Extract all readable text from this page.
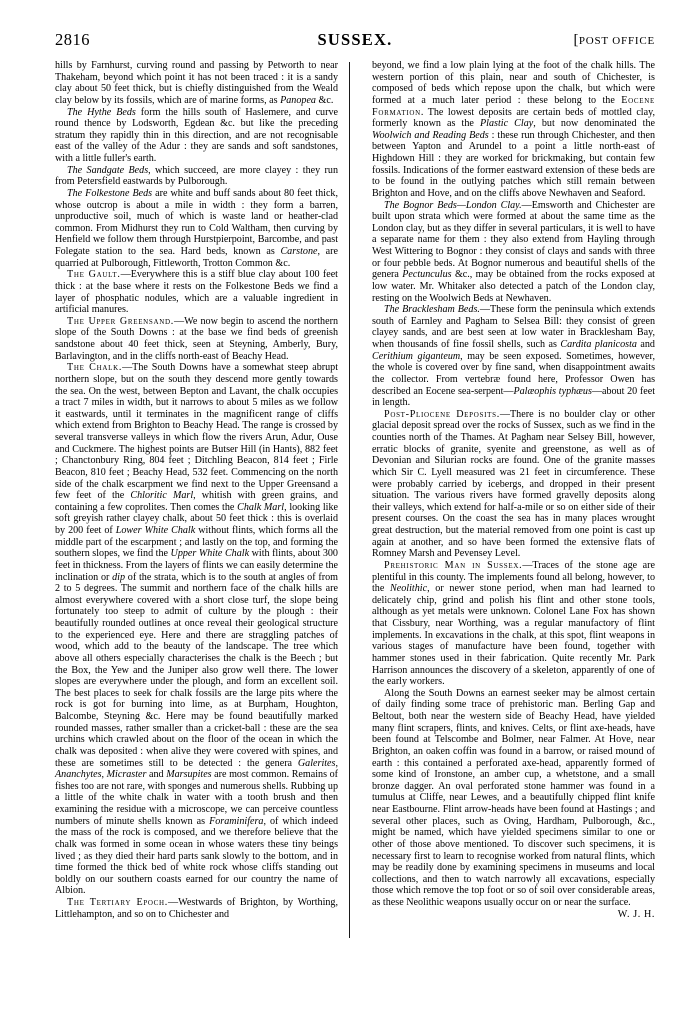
2816	SUSSEX.	[POST OFFICE

hills by Farnhurst, curving round and passing by Petworth to near Thakeham, beyond which point it has not been traced : it is a sandy clay about 50 feet thick, but is chiefly distinguished from the Weald clay below by its fossils, which are of marine forms, as Panopea &c.

The Hythe Beds form the hills south of Haslemere, and curve round thence by Lodsworth, Egdean &c. but like the preceding stratum they rapidly thin in this direction, and are not recognisable east of the valley of the Adur : they are sands and soft sandstones, with a little fuller's earth.

The Sandgate Beds, which succeed, are more clayey : they run from Petersfield eastwards by Pulborough.

The Folkestone Beds are white and buff sands about 80 feet thick, whose outcrop is about a mile in width : they form a barren, unproductive soil, much of which is waste land or heather-clad common. From Midhurst they run to Cold Waltham, then curving by Henfield we follow them through Hurstpierpoint, Barcombe, and past Folegate station to the sea. Hard beds, known as Carstone, are quarried at Pulborough, Fittleworth, Trotton Common &c.

The Gault.—Everywhere this is a stiff blue clay about 100 feet thick : at the base where it rests on the Folkestone Beds we find a layer of phosphatic nodules, which are a valuable ingredient in artificial manures.

The Upper Greensand.—We now begin to ascend the northern slope of the South Downs : at the base we find beds of greenish sandstone about 40 feet thick, seen at Steyning, Amberly, Bury, Barlavington, and in the cliffs north-east of Beachy Head.

The Chalk.—The South Downs have a somewhat steep abrupt northern slope, but on the south they descend more gently towards the sea. On the west, between Bepton and Lavant, the chalk occupies a tract 7 miles in width, but it narrows to about 5 miles as we follow it eastwards, until it terminates in the magnificent range of cliffs which extend from Brighton to Beachy Head. The range is crossed by several transverse valleys in which flow the rivers Arun, Adur, Ouse and Cuckmere. The highest points are Butser Hill (in Hants), 882 feet ; Chanctonbury Ring, 804 feet ; Ditchling Beacon, 814 feet ; Firle Beacon, 810 feet ; Beachy Head, 532 feet. Commencing on the north side of the chalk escarpment we find next to the Upper Greensand a few feet of the Chloritic Marl, whitish with green grains, and containing a few coprolites. Then comes the Chalk Marl, looking like soft greyish rather clayey chalk, about 50 feet thick : this is overlaid by 200 feet of Lower White Chalk without flints, which forms all the middle part of the escarpment ; and lastly on the top, and forming the southern slopes, we find the Upper White Chalk with flints, about 300 feet in thickness. From the layers of flints we can easily determine the inclination or dip of the strata, which is to the south at angles of from 2 to 5 degrees. The summit and northern face of the chalk hills are almost everywhere covered with a short close turf, the slope being fortunately too steep to admit of culture by the plough : their beautifully rounded outlines at once reveal their geological structure to the experienced eye. Here and there are straggling patches of wood, which add to the beauty of the landscape. The tree which above all others especially characterises the chalk is the Beech ; but the Box, the Yew and the Juniper also grow well there. The lower slopes are everywhere under the plough, and form an excellent soil. The best places to seek for chalk fossils are the large pits where the rock is got for burning into lime, as at Burpham, Houghton, Balcombe, Steyning &c. Here may be found beautifully marked rounded masses, rather smaller than a cricket-ball : these are the sea urchins which crawled about on the floor of the ocean in which the chalk was deposited : when alive they were covered with spines, and these are sometimes still to be detected : the genera Galerites, Ananchytes, Micraster and Marsupites are most common. Remains of fishes too are not rare, with sponges and numerous shells. Rubbing up a little of the white chalk in water with a tooth brush and then examining the residue with a microscope, we can perceive countless numbers of minute shells known as Foraminifera, of which indeed the mass of the rock is composed, and we therefore believe that the chalk was formed in some ocean in whose waters these tiny beings lived ; as they died their hard parts sank slowly to the bottom, and in time formed the thick bed of white rock whose cliffs standing out boldly on our southern coasts earned for our country the name of Albion.

The Tertiary Epoch.—Westwards of Brighton, by Worthing, Littlehampton, and so on to Chichester and

beyond, we find a low plain lying at the foot of the chalk hills. The western portion of this plain, near and south of Chichester, is composed of beds which repose upon the chalk, but which were formed at a much later period : these belong to the Eocene Formation. The lowest deposits are certain beds of mottled clay, formerly known as the Plastic Clay, but now denominated the Woolwich and Reading Beds : these run through Chichester, and then between Yapton and Arundel to a point a little north-east of Highdown Hill : they are worked for brickmaking, but contain few fossils. Indications of the former eastward extension of these beds are to be found in the outlying patches which still remain between Brighton and Hove, and on the cliffs above Newhaven and Seaford.

The Bognor Beds—London Clay.—Emsworth and Chichester are built upon strata which were formed at about the same time as the London clay, but as they differ in several particulars, it is well to have a separate name for them : they also extend from Hayling through West Wittering to Bognor : they consist of clays and sands with three or four pebble beds. At Bognor numerous and beautiful shells of the genera Pectunculus &c., may be obtained from the rocks exposed at low water. Mr. Whitaker also detected a patch of the London clay, resting on the Woolwich Beds at Newhaven.

The Bracklesham Beds.—These form the peninsula which extends south of Earnley and Pagham to Selsea Bill: they consist of green clayey sands, and are best seen at low water in Bracklesham Bay, when thousands of fine fossil shells, such as Cardita planicosta and Cerithium giganteum, may be seen exposed. Sometimes, however, the whole is covered over by fine sand, when disappointment awaits the collector. From vertebræ found here, Professor Owen has described an Eocene sea-serpent—Palæophis typhæus—about 20 feet in length.

Post-Pliocene Deposits.—There is no boulder clay or other glacial deposit spread over the rocks of Sussex, such as we find in the counties north of the Thames. At Pagham near Selsey Bill, however, erratic blocks of granite, syenite and greenstone, as well as of Devonian and Silurian rocks are found. One of the granite masses which Sir C. Lyell measured was 21 feet in circumference. These were probably carried by icebergs, and dropped in their present situation. The various rivers have formed gravelly deposits along their valleys, which extend for half-a-mile or so on either side of their present courses. On the coast the sea has in many places wrought great destruction, but the material removed from one point is cast up again at another, and so have been formed the extensive flats of Romney Marsh and Pevensey Level.

Prehistoric Man in Sussex.—Traces of the stone age are plentiful in this county. The implements found all belong, however, to the Neolithic, or newer stone period, when man had learned to delicately chip, grind and polish his flint and other stone tools, although as yet metals were unknown. Colonel Lane Fox has shown that Cissbury, near Worthing, was a regular manufactory of flint implements. In excavations in the chalk, at this spot, flint weapons in various stages of manufacture have been found, together with hammer stones used in their fabrication. Quite recently Mr. Park Harrison announces the discovery of a skeleton, apparently of one of the early workers.

Along the South Downs an earnest seeker may be almost certain of daily finding some trace of prehistoric man. Berling Gap and Beltout, both near the western side of Beachy Head, have yielded many flint scrapers, flints, and knives. Celts, or flint axe-heads, have been found at Telscombe and Bolmer, near Falmer. At Hove, near Brighton, an oaken coffin was found in a barrow, or raised mound of earth : this contained a perforated axe-head, apparently formed of some kind of Ironstone, an amber cup, a whetstone, and a small bronze dagger. An oval perforated stone hammer was found in a tumulus at Cliffe, near Lewes, and a beautifully chipped flint knife near Eastbourne. Flint arrow-heads have been found at Hastings ; and several other places, such as Oving, Hardham, Pulborough, &c., might be named, which have yielded specimens similar to one or other of those above mentioned. To discover such specimens, it is necessary first to learn to recognise worked from natural flints, which may be readily done by examining specimens in museums and local collections, and then to watch narrowly all excavations, especially those which remove the top foot or so of soil over considerable areas, as these Neolithic weapons usually occur on or near the surface.

W. J. H.
